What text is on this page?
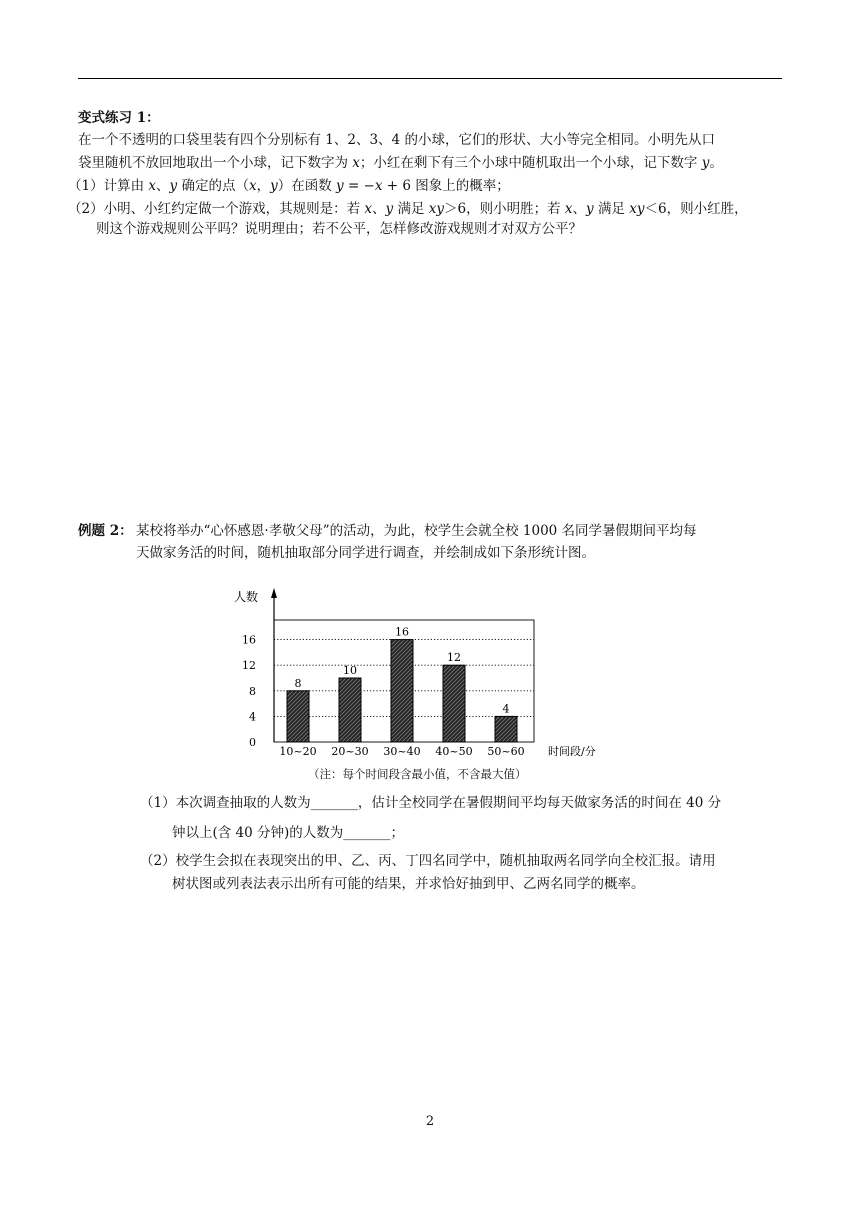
变式练习 1：
在一个不透明的口袋里装有四个分别标有 1、2、3、4 的小球，它们的形状、大小等完全相同。小明先从口
袋里随机不放回地取出一个小球，记下数字为 x；小红在剩下有三个小球中随机取出一个小球，记下数字 y。
（1）计算由 x、y 确定的点（x，y）在函数 y = −x + 6 图象上的概率；
（2）小明、小红约定做一个游戏，其规则是：若 x、y 满足 xy＞6，则小明胜；若 x、y 满足 xy＜6，则小红胜，
则这个游戏规则公平吗？说明理由；若不公平，怎样修改游戏规则才对双方公平？
例题 2： 某校将举办“心怀感恩·孝敬父母”的活动，为此，校学生会就全校 1000 名同学暑假期间平均每
天做家务活的时间，随机抽取部分同学进行调查，并绘制成如下条形统计图。
0
4
8
12
16
8
10~20
10
20~30
16
30~40
12
40~50
4
50~60
人数
时间段/分
（注：每个时间段含最小值，不含最大值）
（1）本次调查抽取的人数为_______，估计全校同学在暑假期间平均每天做家务活的时间在 40 分
钟以上(含 40 分钟)的人数为_______；
（2）校学生会拟在表现突出的甲、乙、丙、丁四名同学中，随机抽取两名同学向全校汇报。请用
树状图或列表法表示出所有可能的结果，并求恰好抽到甲、乙两名同学的概率。
2
